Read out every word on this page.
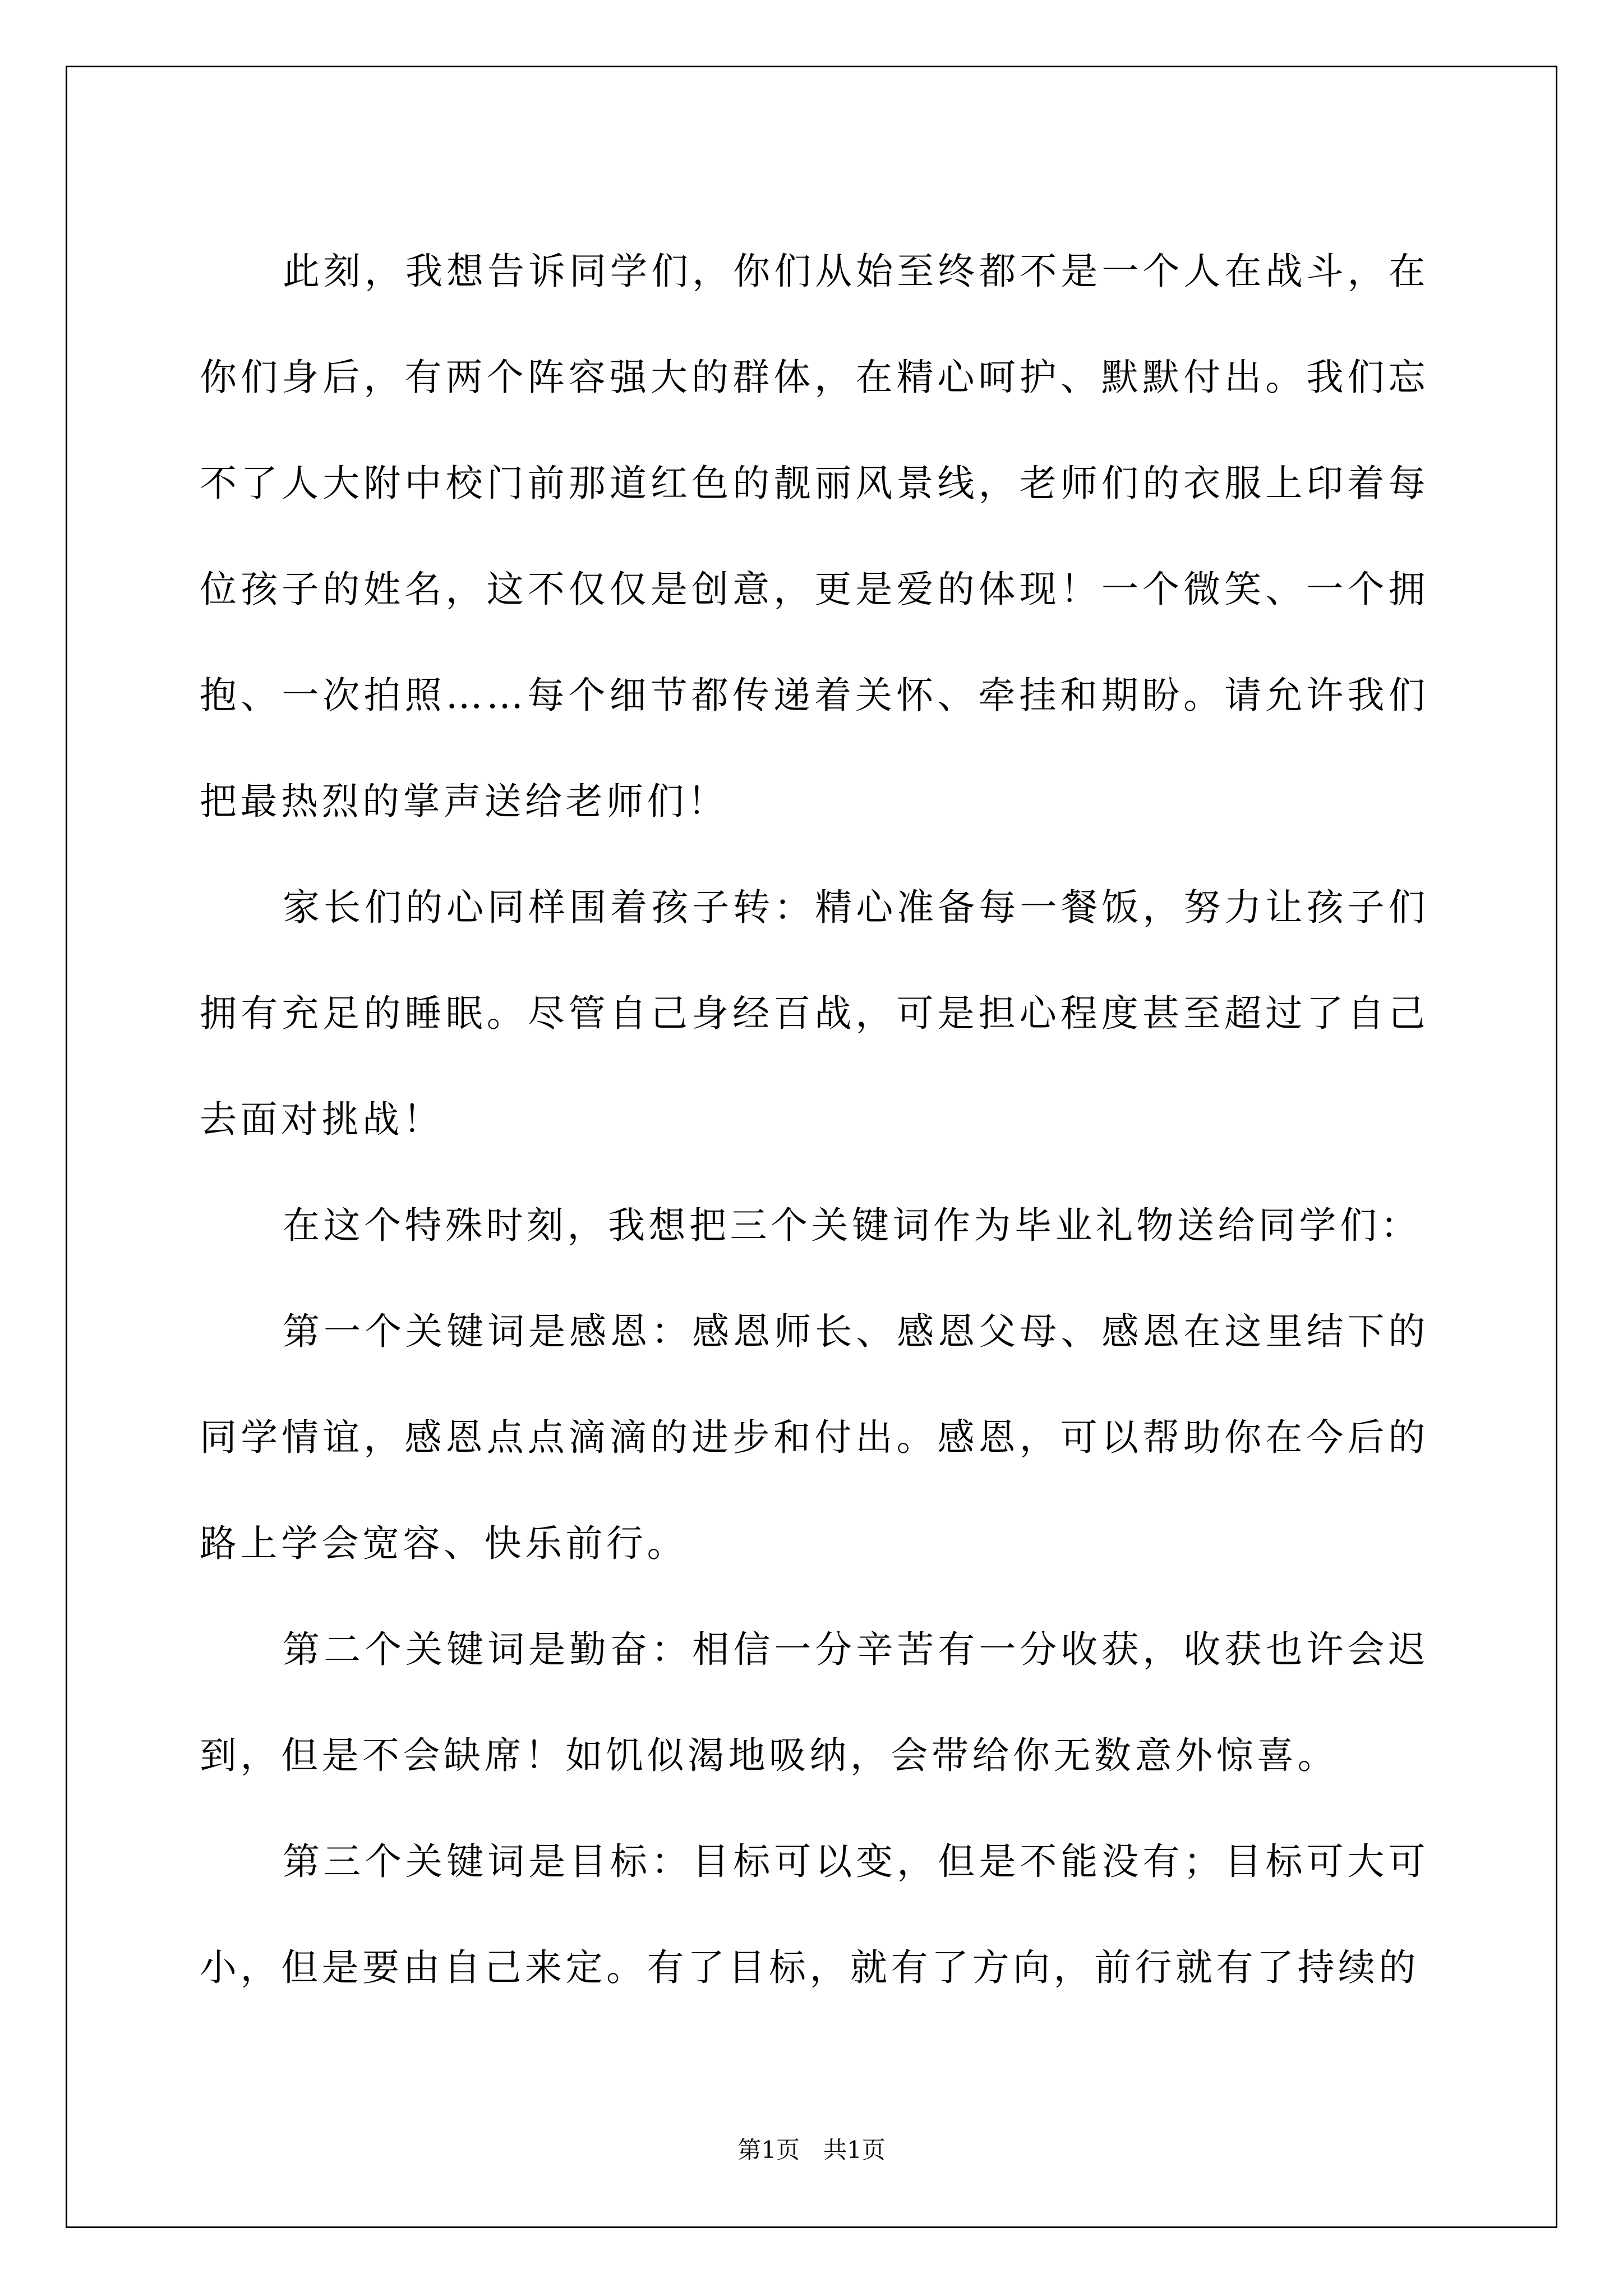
此刻，我想告诉同学们，你们从始至终都不是一个人在战斗，在你们身后，有两个阵容强大的群体，在精心呵护、默默付出。我们忘不了人大附中校门前那道红色的靓丽风景线，老师们的衣服上印着每位孩子的姓名，这不仅仅是创意，更是爱的体现！一个微笑、一个拥抱、一次拍照……每个细节都传递着关怀、牵挂和期盼。请允许我们把最热烈的掌声送给老师们！

家长们的心同样围着孩子转：精心准备每一餐饭，努力让孩子们拥有充足的睡眠。尽管自己身经百战，可是担心程度甚至超过了自己去面对挑战！

在这个特殊时刻，我想把三个关键词作为毕业礼物送给同学们：

第一个关键词是感恩：感恩师长、感恩父母、感恩在这里结下的同学情谊，感恩点点滴滴的进步和付出。感恩，可以帮助你在今后的路上学会宽容、快乐前行。

第二个关键词是勤奋：相信一分辛苦有一分收获，收获也许会迟到，但是不会缺席！如饥似渴地吸纳，会带给你无数意外惊喜。

第三个关键词是目标：目标可以变，但是不能没有；目标可大可小，但是要由自己来定。有了目标，就有了方向，前行就有了持续的

第1页　共1页
